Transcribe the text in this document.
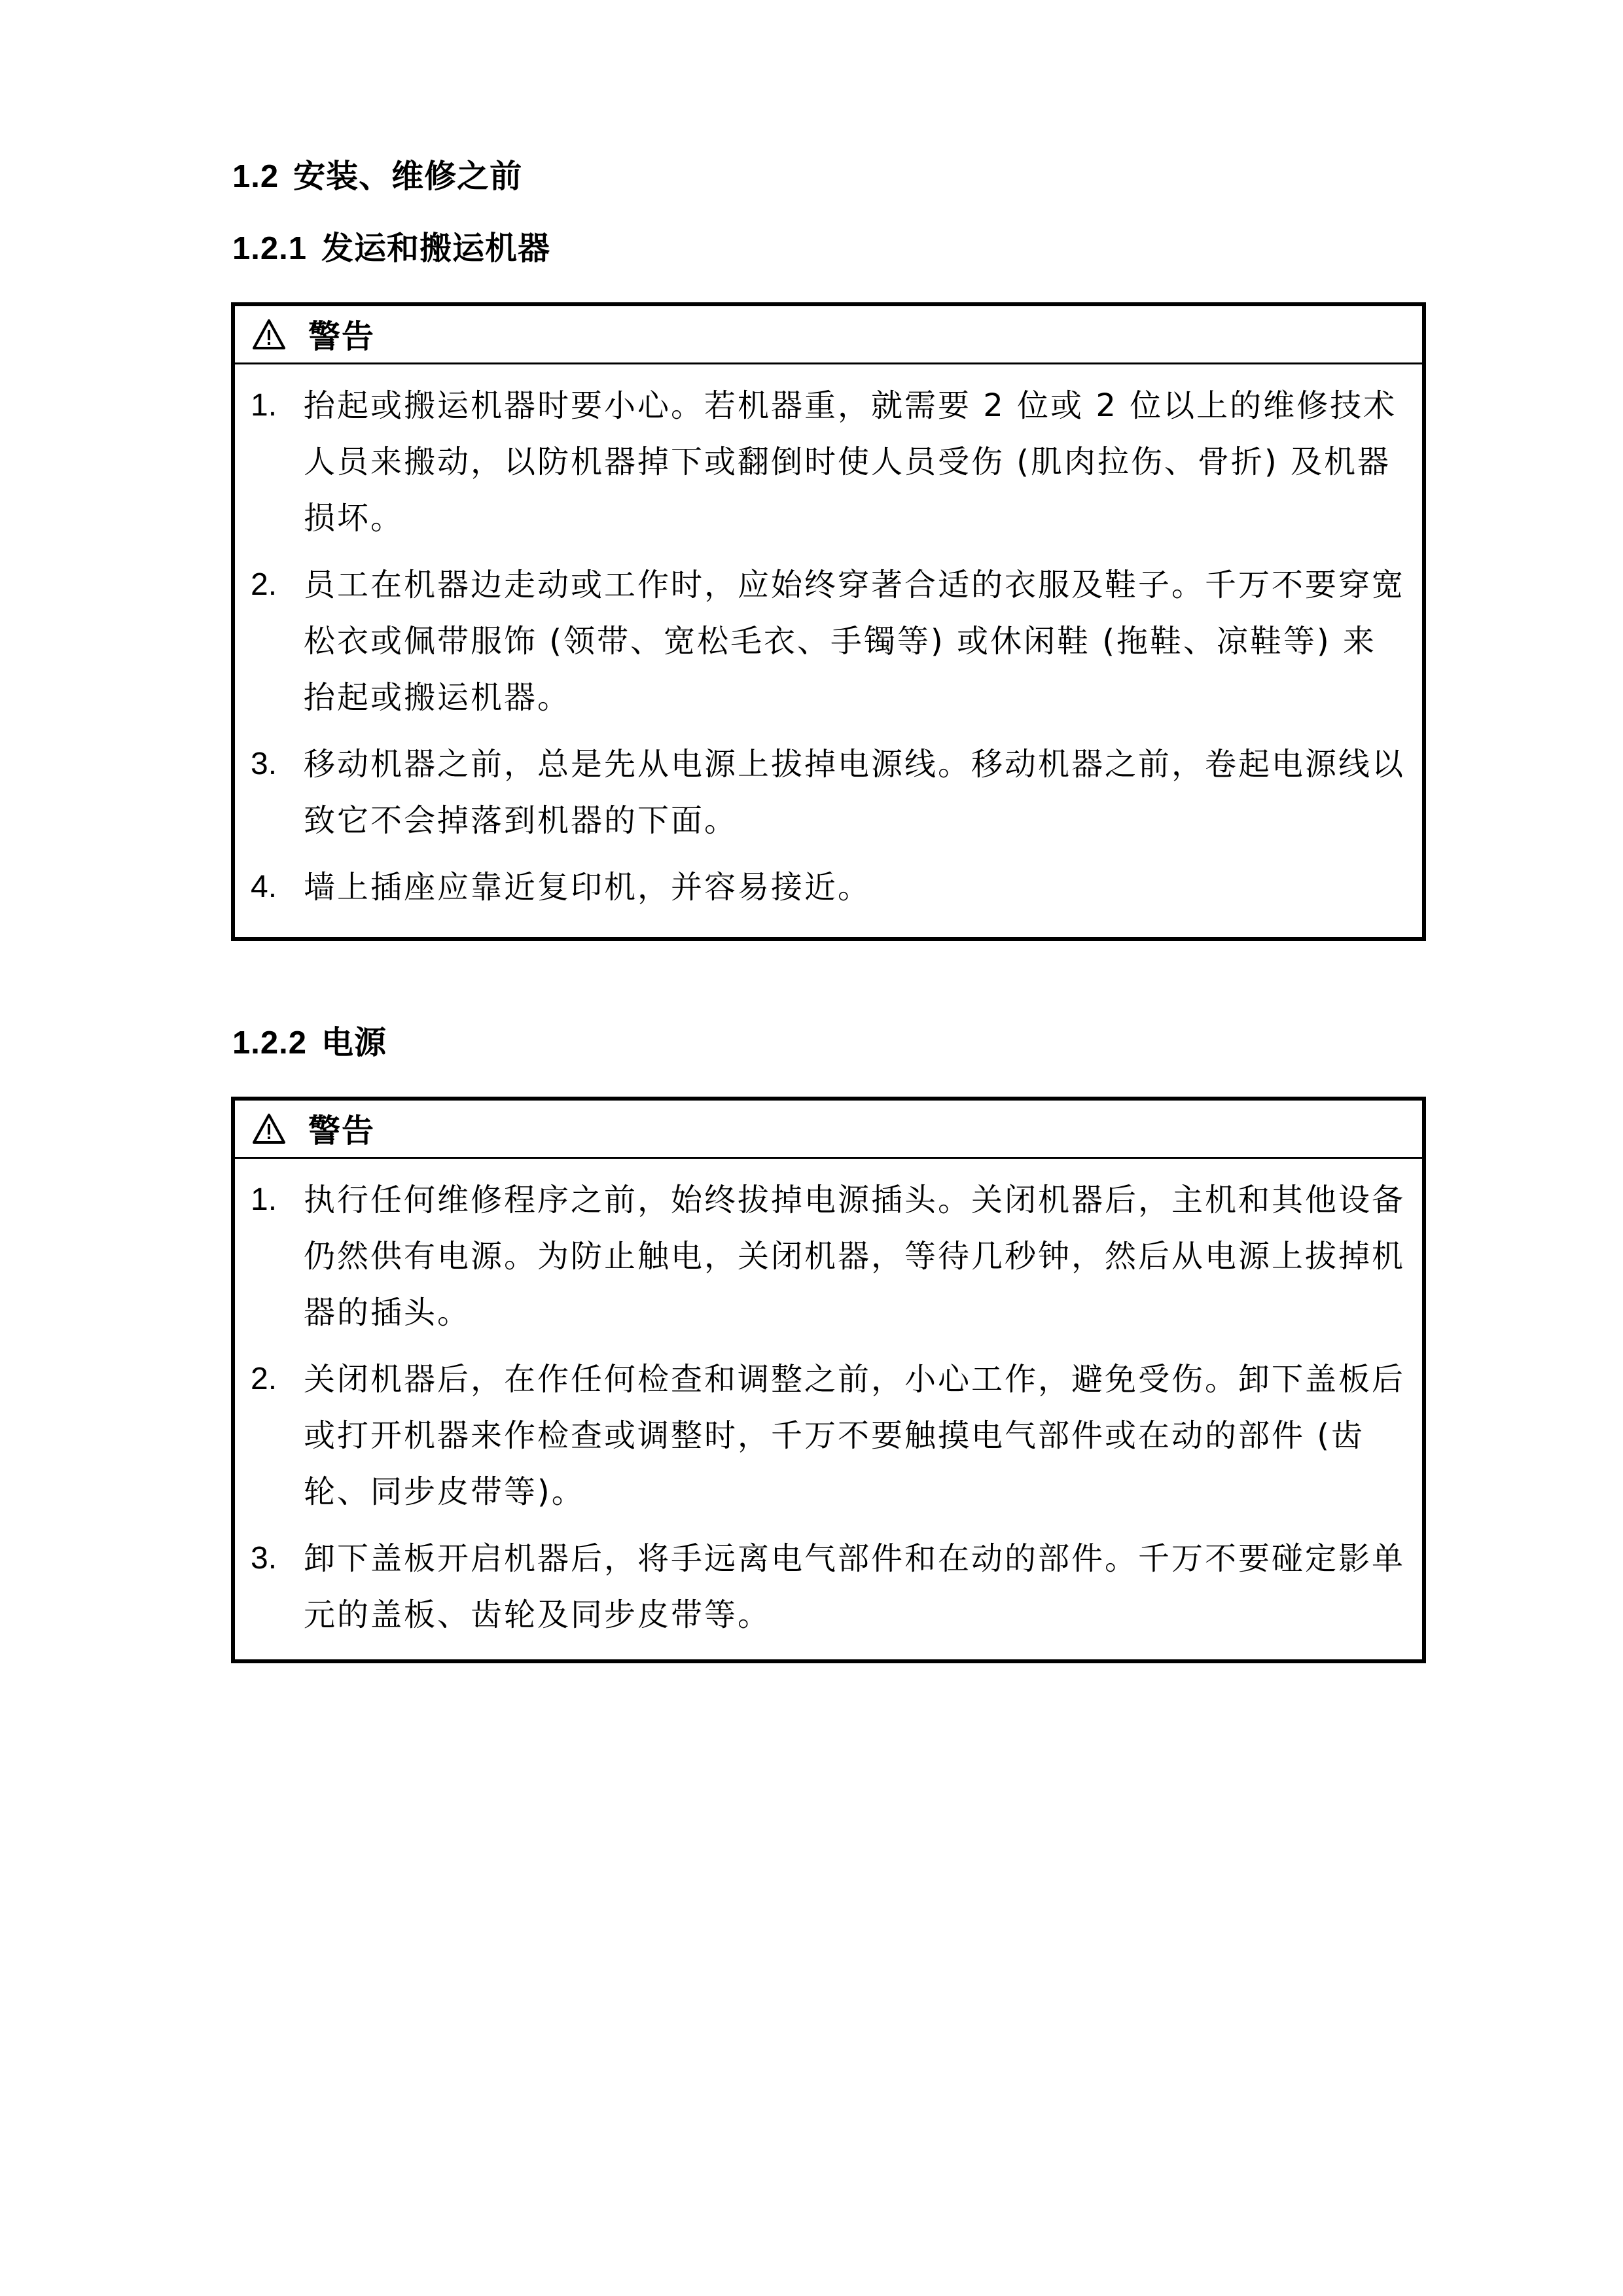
1.2 安装、维修之前
1.2.1 发运和搬运机器
警告
1. 抬起或搬运机器时要小心。若机器重，就需要 2 位或 2 位以上的维修技术人员来搬动，以防机器掉下或翻倒时使人员受伤 (肌肉拉伤、骨折) 及机器损坏。
2. 员工在机器边走动或工作时，应始终穿著合适的衣服及鞋子。千万不要穿宽松衣或佩带服饰 (领带、宽松毛衣、手镯等) 或休闲鞋 (拖鞋、凉鞋等) 来抬起或搬运机器。
3. 移动机器之前，总是先从电源上拔掉电源线。移动机器之前，卷起电源线以致它不会掉落到机器的下面。
4. 墙上插座应靠近复印机，并容易接近。
1.2.2 电源
警告
1. 执行任何维修程序之前，始终拔掉电源插头。关闭机器后，主机和其他设备仍然供有电源。为防止触电，关闭机器，等待几秒钟，然后从电源上拔掉机器的插头。
2. 关闭机器后，在作任何检查和调整之前，小心工作，避免受伤。卸下盖板后或打开机器来作检查或调整时，千万不要触摸电气部件或在动的部件 (齿轮、同步皮带等)。
3. 卸下盖板开启机器后，将手远离电气部件和在动的部件。千万不要碰定影单元的盖板、齿轮及同步皮带等。
